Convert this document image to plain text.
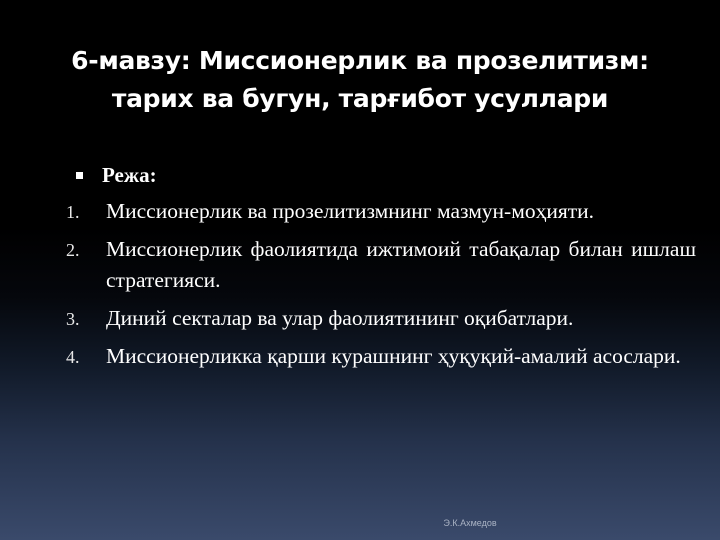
6-мавзу: Миссионерлик ва прозелитизм:
тарих ва бугун, тарғибот усуллари
Режа:
1.	Миссионерлик ва прозелитизмнинг мазмун-моҳияти.
2.	Миссионерлик фаолиятида ижтимоий табақалар билан ишлаш стратегияси.
3.	Диний секталар ва улар фаолиятининг оқибатлари.
4.	Миссионерликка қарши курашнинг ҳуқуқий-амалий асослари.
Э.К.Ахмедов
